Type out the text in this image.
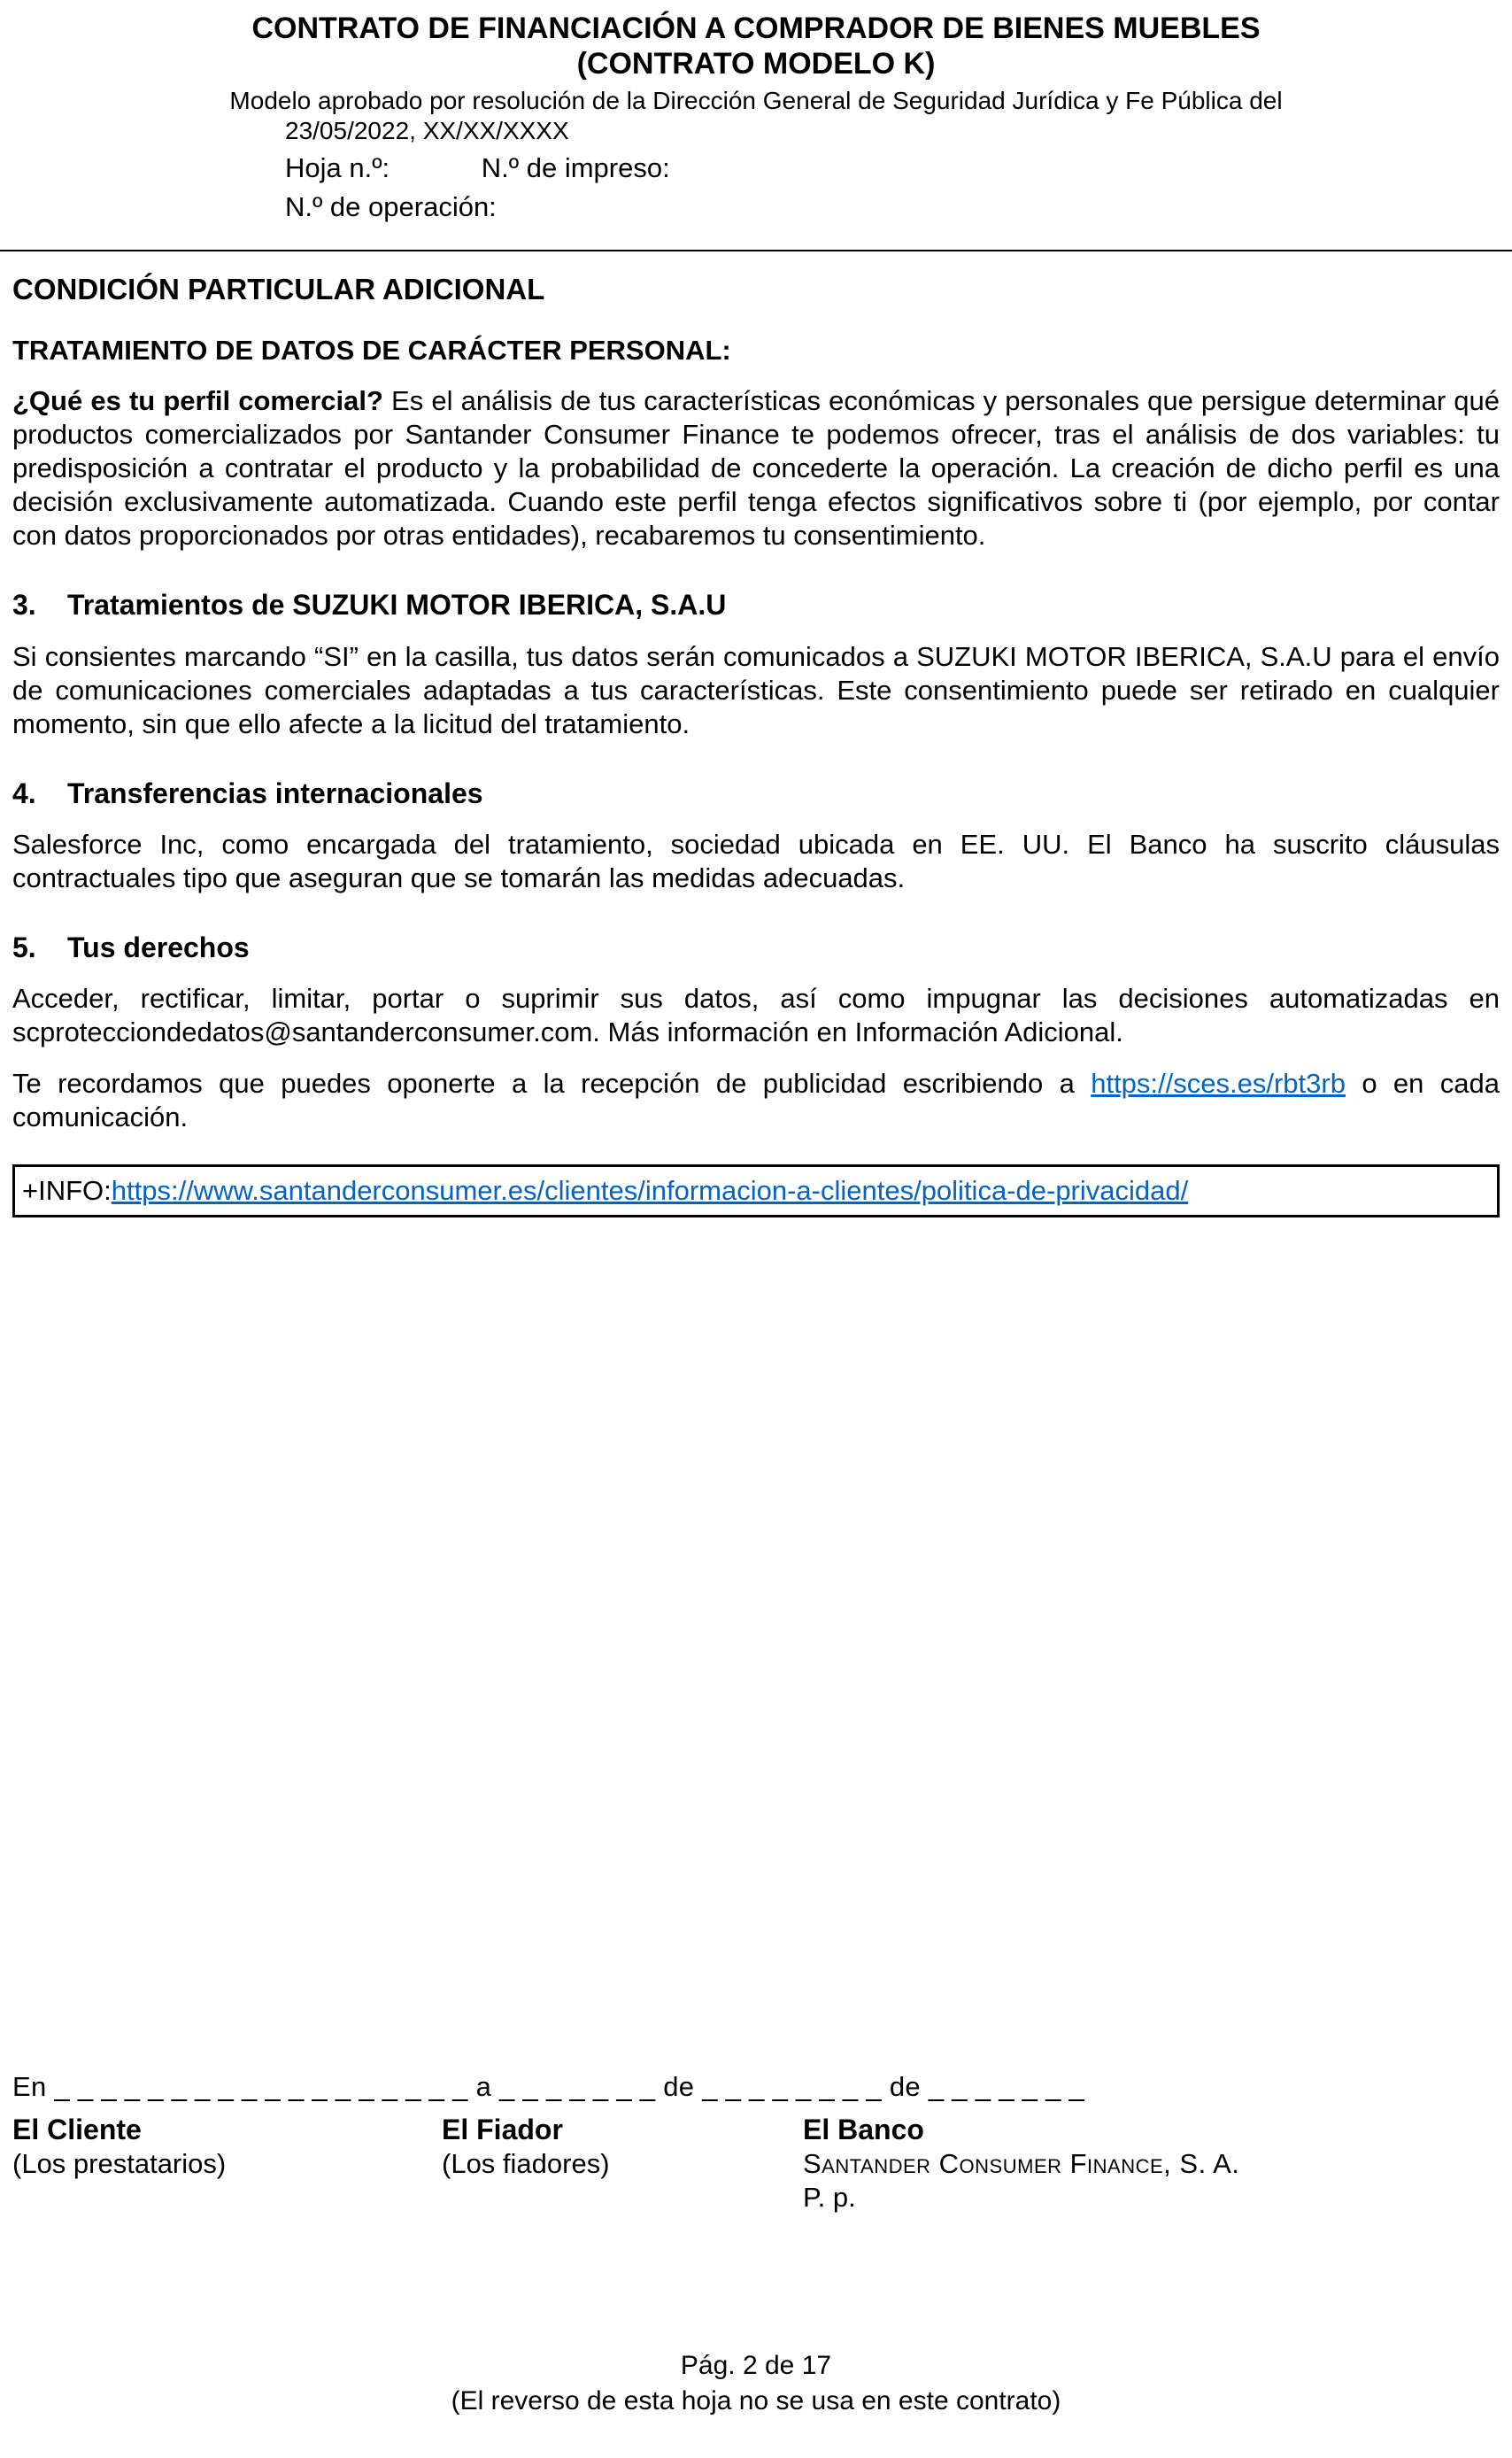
CONTRATO DE FINANCIACIÓN A COMPRADOR DE BIENES MUEBLES
(CONTRATO MODELO K)
Modelo aprobado por resolución de la Dirección General de Seguridad Jurídica y Fe Pública del
23/05/2022, XX/XX/XXXX
Hoja n.º:	N.º de impreso:
N.º de operación:
CONDICIÓN PARTICULAR ADICIONAL
TRATAMIENTO DE DATOS DE CARÁCTER PERSONAL:

¿Qué es tu perfil comercial? Es el análisis de tus características económicas y personales que persigue determinar qué productos comercializados por Santander Consumer Finance te podemos ofrecer, tras el análisis de dos variables: tu predisposición a contratar el producto y la probabilidad de concederte la operación. La creación de dicho perfil es una decisión exclusivamente automatizada. Cuando este perfil tenga efectos significativos sobre ti (por ejemplo, por contar con datos proporcionados por otras entidades), recabaremos tu consentimiento.

3.	Tratamientos de SUZUKI MOTOR IBERICA, S.A.U

Si consientes marcando “SI” en la casilla, tus datos serán comunicados a SUZUKI MOTOR IBERICA, S.A.U para el envío de comunicaciones comerciales adaptadas a tus características. Este consentimiento puede ser retirado en cualquier momento, sin que ello afecte a la licitud del tratamiento.

4.	Transferencias internacionales

Salesforce Inc, como encargada del tratamiento, sociedad ubicada en EE. UU. El Banco ha suscrito cláusulas contractuales tipo que aseguran que se tomarán las medidas adecuadas.

5.	Tus derechos

Acceder, rectificar, limitar, portar o suprimir sus datos, así como impugnar las decisiones automatizadas en scprotecciondedatos@santanderconsumer.com. Más información en Información Adicional.

Te recordamos que puedes oponerte a la recepción de publicidad escribiendo a https://sces.es/rbt3rb o en cada comunicación.

+INFO:https://www.santanderconsumer.es/clientes/informacion-a-clientes/politica-de-privacidad/
En _ _ _ _ _ _ _ _ _ _ _ _ _ _ _ _ _ _ a _ _ _ _ _ _ _ de _ _ _ _ _ _ _ _ de _ _ _ _ _ _ _
El Cliente
(Los prestatarios)
El Fiador
(Los fiadores)
El Banco
Santander Consumer Finance, S. A.
P. p.
Pág. 2 de 17
(El reverso de esta hoja no se usa en este contrato)
